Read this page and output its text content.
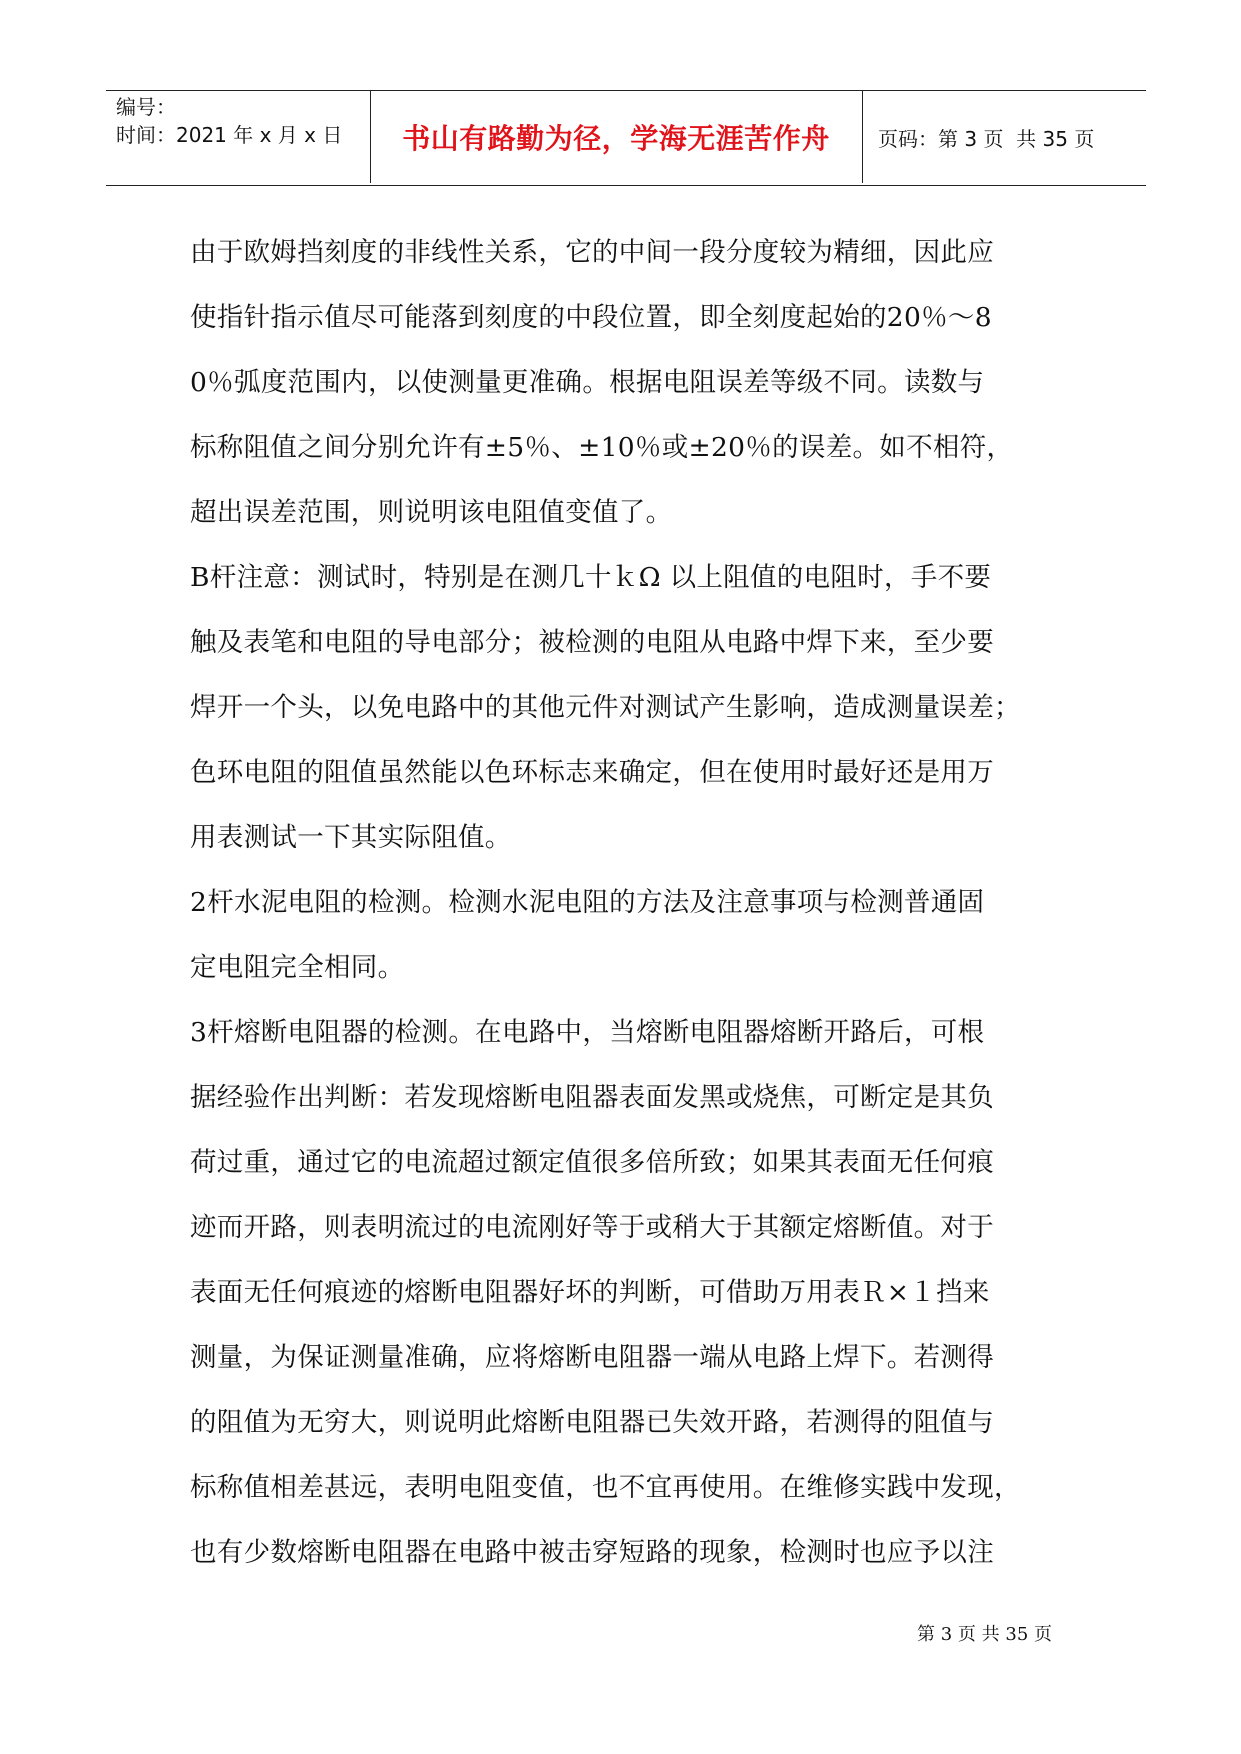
编号：
时间：2021 年 x 月 x 日	书山有路勤为径，学海无涯苦作舟	页码：第 3 页  共 35 页
由于欧姆挡刻度的非线性关系，它的中间一段分度较为精细，因此应
使指针指示值尽可能落到刻度的中段位置，即全刻度起始的20％～8
0％弧度范围内，以使测量更准确。根据电阻误差等级不同。读数与
标称阻值之间分别允许有±5％、±10％或±20％的误差。如不相符，
超出误差范围，则说明该电阻值变值了。
B杆注意：测试时，特别是在测几十ｋΩ 以上阻值的电阻时，手不要
触及表笔和电阻的导电部分；被检测的电阻从电路中焊下来，至少要
焊开一个头，以免电路中的其他元件对测试产生影响，造成测量误差；
色环电阻的阻值虽然能以色环标志来确定，但在使用时最好还是用万
用表测试一下其实际阻值。
2杆水泥电阻的检测。检测水泥电阻的方法及注意事项与检测普通固
定电阻完全相同。
3杆熔断电阻器的检测。在电路中，当熔断电阻器熔断开路后，可根
据经验作出判断：若发现熔断电阻器表面发黑或烧焦，可断定是其负
荷过重，通过它的电流超过额定值很多倍所致；如果其表面无任何痕
迹而开路，则表明流过的电流刚好等于或稍大于其额定熔断值。对于
表面无任何痕迹的熔断电阻器好坏的判断，可借助万用表Ｒ×１挡来
测量，为保证测量准确，应将熔断电阻器一端从电路上焊下。若测得
的阻值为无穷大，则说明此熔断电阻器已失效开路，若测得的阻值与
标称值相差甚远，表明电阻变值，也不宜再使用。在维修实践中发现，
也有少数熔断电阻器在电路中被击穿短路的现象，检测时也应予以注
第 3 页 共 35 页
